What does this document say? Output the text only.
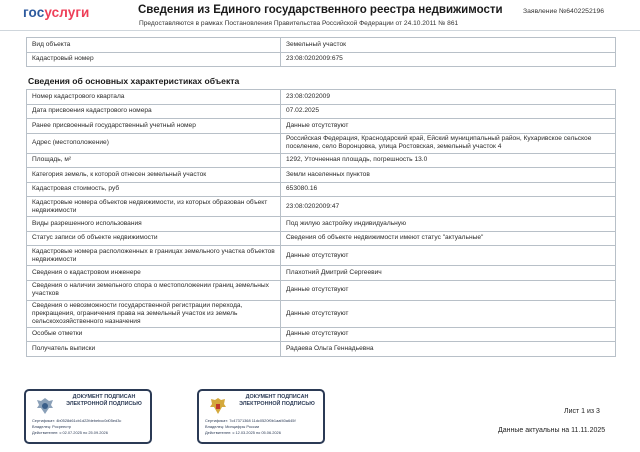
госуслуги	Сведения из Единого государственного реестра недвижимости
Предоставляются в рамках Постановления Правительства Российской Федерации от 24.10.2011 № 861
Заявление №6402252196
Вид объекта	Земельный участок
Кадастровый номер	23:08:0202009:675
Сведения об основных характеристиках объекта
Номер кадастрового квартала	23:08:0202009
Дата присвоения кадастрового номера	07.02.2025
Ранее присвоенный государственный учетный номер	Данные отсутствуют
Адрес (местоположение)	Российская Федерация, Краснодарский край, Ейский муниципальный район, Кухаривское сельское поселение, село Воронцовка, улица Ростовская, земельный участок 4
Площадь, м²	1292, Уточненная площадь, погрешность 13.0
Категория земель, к которой отнесен земельный участок	Земли населенных пунктов
Кадастровая стоимость, руб	653080.16
Кадастровые номера объектов недвижимости, из которых образован объект недвижимости	23:08:0202009:47
Виды разрешенного использования	Под жилую застройку индивидуальную
Статус записи об объекте недвижимости	Сведения об объекте недвижимости имеют статус "актуальные"
Кадастровые номера расположенных в границах земельного участка объектов недвижимости	Данные отсутствуют
Сведения о кадастровом инженере	Плахотний Дмитрий Сергеевич
Сведения о наличии земельного спора о местоположении границ земельных участков	Данные отсутствуют
Сведения о невозможности государственной регистрации перехода, прекращения, ограничения права на земельный участок из земель сельскохозяйственного назначения	Данные отсутствуют
Особые отметки	Данные отсутствуют
Получатель выписки	Радаева Ольга Геннадьевна
ДОКУМЕНТ ПОДПИСАН ЭЛЕКТРОННОЙ ПОДПИСЬЮ
Сертификат: 4b0528d61cb1d22fdebebcc0d05ed3c
Владелец: Росреестр
Действителен: с 02.07.2025 по 25.09.2026
ДОКУМЕНТ ПОДПИСАН ЭЛЕКТРОННОЙ ПОДПИСЬЮ
Сертификат: 7c47371368 11dc0520f0b1aaf40a645f
Владелец: Минцифры России
Действителен: с 12.03.2025 по 05.06.2026
Лист 1 из 3
Данные актуальны на 11.11.2025
